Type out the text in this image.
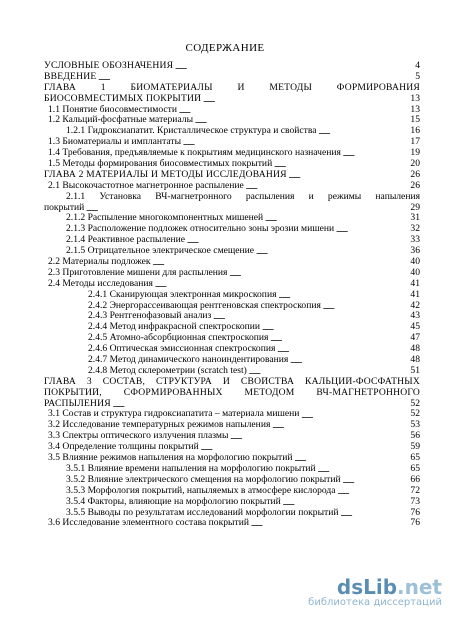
СОДЕРЖАНИЕ
УСЛОВНЫЕ ОБОЗНАЧЕНИЯ . . .	4
ВВЕДЕНИЕ . . .	5
ГЛАВА 1 БИОМАТЕРИАЛЫ И МЕТОДЫ ФОРМИРОВАНИЯ
БИОСОВМЕСТИМЫХ ПОКРЫТИЙ . . .	13
1.1 Понятие биосовместимости . . .	13
1.2 Кальций-фосфатные материалы . . .	15
1.2.1 Гидроксиапатит. Кристаллическое структура и свойства . . .	16
1.3 Биоматериалы и имплантаты . . .	17
1.4 Требования, предъявляемые к покрытиям медицинского назначения . . .	19
1.5 Методы формирования биосовместимых покрытий . . .	20
ГЛАВА 2 МАТЕРИАЛЫ И МЕТОДЫ ИССЛЕДОВАНИЯ . . .	26
2.1 Высокочастотное магнетронное распыление . . .	26
2.1.1 Установка ВЧ-магнетронного распыления и режимы напыления
покрытий . . .	29
2.1.2 Распыление многокомпонентных мишеней . . .	31
2.1.3 Расположение подложек относительно зоны эрозии мишени . . .	32
2.1.4 Реактивное распыление . . .	33
2.1.5 Отрицательное электрическое смещение . . .	36
2.2 Материалы подложек . . .	40
2.3 Приготовление мишени для распыления . . .	40
2.4 Методы исследования . . .	41
2.4.1 Сканирующая электронная микроскопия . . .	41
2.4.2 Энергорассеивающая рентгеновская спектроскопия . . .	42
2.4.3 Рентгенофазовый анализ . . .	43
2.4.4 Метод инфракрасной спектроскопии . . .	45
2.4.5 Атомно-абсорбционная спектроскопия . . .	47
2.4.6 Оптическая эмиссионная спектроскопия . . .	48
2.4.7 Метод динамического наноиндентирования . . .	48
2.4.8 Метод склерометрии (scratch test) . . .	51
ГЛАВА 3 СОСТАВ, СТРУКТУРА И СВОЙСТВА КАЛЬЦИЙ-ФОСФАТНЫХ
ПОКРЫТИЙ, СФОРМИРОВАННЫХ МЕТОДОМ ВЧ-МАГНЕТРОННОГО
РАСПЫЛЕНИЯ . . .	52
3.1 Состав и структура гидроксиапатита – материала мишени . . .	52
3.2 Исследование температурных режимов напыления . . .	53
3.3 Спектры оптического излучения плазмы . . .	56
3.4 Определение толщины покрытий . . .	59
3.5 Влияние режимов напыления на морфологию покрытий . . .	65
3.5.1 Влияние времени напыления на морфологию покрытий . . .	65
3.5.2 Влияние электрического смещения на морфологию покрытий . . .	66
3.5.3 Морфология покрытий, напыляемых в атмосфере кислорода . . .	72
3.5.4 Факторы, влияющие на морфологию покрытий . . .	73
3.5.5 Выводы по результатам исследований морфологии покрытий . . .	76
3.6 Исследование элементного состава покрытий . . .	76
dsLib.net
библиотека диссертаций
